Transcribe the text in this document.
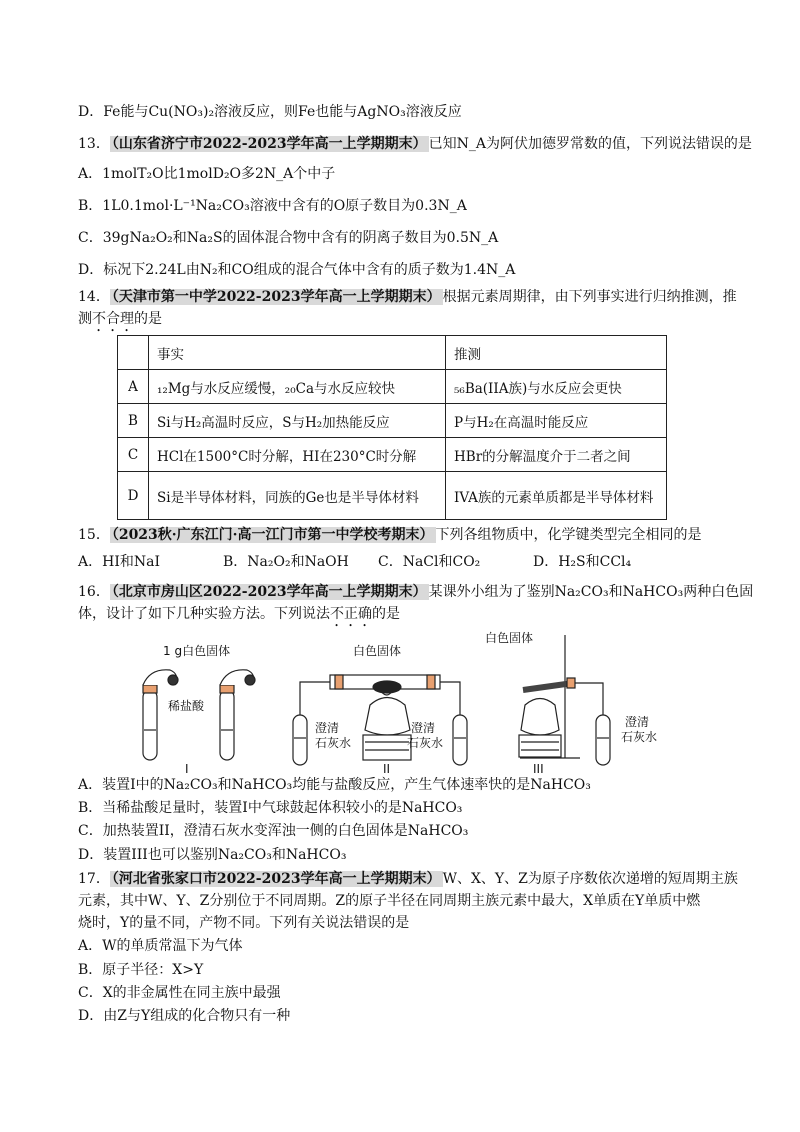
D．Fe能与Cu(NO₃)₂溶液反应，则Fe也能与AgNO₃溶液反应
13． （山东省济宁市2022-2023学年高一上学期期末） 已知N_A为阿伏加德罗常数的值，下列说法错误的是
A．1molT₂O比1molD₂O多2N_A个中子
B．1L0.1mol·L⁻¹Na₂CO₃溶液中含有的O原子数目为0.3N_A
C．39gNa₂O₂和Na₂S的固体混合物中含有的阴离子数目为0.5N_A
D．标况下2.24L由N₂和CO组成的混合气体中含有的质子数为1.4N_A
14． （天津市第一中学2022-2023学年高一上学期期末） 根据元素周期律，由下列事实进行归纳推测，推
测不合理的是
	事实	推测
A	₁₂Mg与水反应缓慢，₂₀Ca与水反应较快	₅₆Ba(IIA族)与水反应会更快
B	Si与H₂高温时反应，S与H₂加热能反应	P与H₂在高温时能反应
C	HCl在1500°C时分解，HI在230°C时分解	HBr的分解温度介于二者之间
D	Si是半导体材料，同族的Ge也是半导体材料	IVA族的元素单质都是半导体材料
15． （2023秋·广东江门·高一江门市第一中学校考期末） 下列各组物质中，化学键类型完全相同的是
A．HI和NaI	B．Na₂O₂和NaOH C．NaCl和CO₂	D．H₂S和CCl₄
16． （北京市房山区2022-2023学年高一上学期期末） 某课外小组为了鉴别Na₂CO₃和NaHCO₃两种白色固
体，设计了如下几种实验方法。下列说法不正确的是
1 g白色固体
稀盐酸
I
白色固体
澄清
石灰水
澄清
石灰水
II
白色固体
澄清
石灰水
III
A．装置I中的Na₂CO₃和NaHCO₃均能与盐酸反应，产生气体速率快的是NaHCO₃
B．当稀盐酸足量时，装置I中气球鼓起体积较小的是NaHCO₃
C．加热装置II，澄清石灰水变浑浊一侧的白色固体是NaHCO₃
D．装置III也可以鉴别Na₂CO₃和NaHCO₃
17． （河北省张家口市2022-2023学年高一上学期期末） W、X、Y、Z为原子序数依次递增的短周期主族
元素，其中W、Y、Z分别位于不同周期。Z的原子半径在同周期主族元素中最大，X单质在Y单质中燃
烧时，Y的量不同，产物不同。下列有关说法错误的是
A．W的单质常温下为气体
B．原子半径：X>Y
C．X的非金属性在同主族中最强
D．由Z与Y组成的化合物只有一种
